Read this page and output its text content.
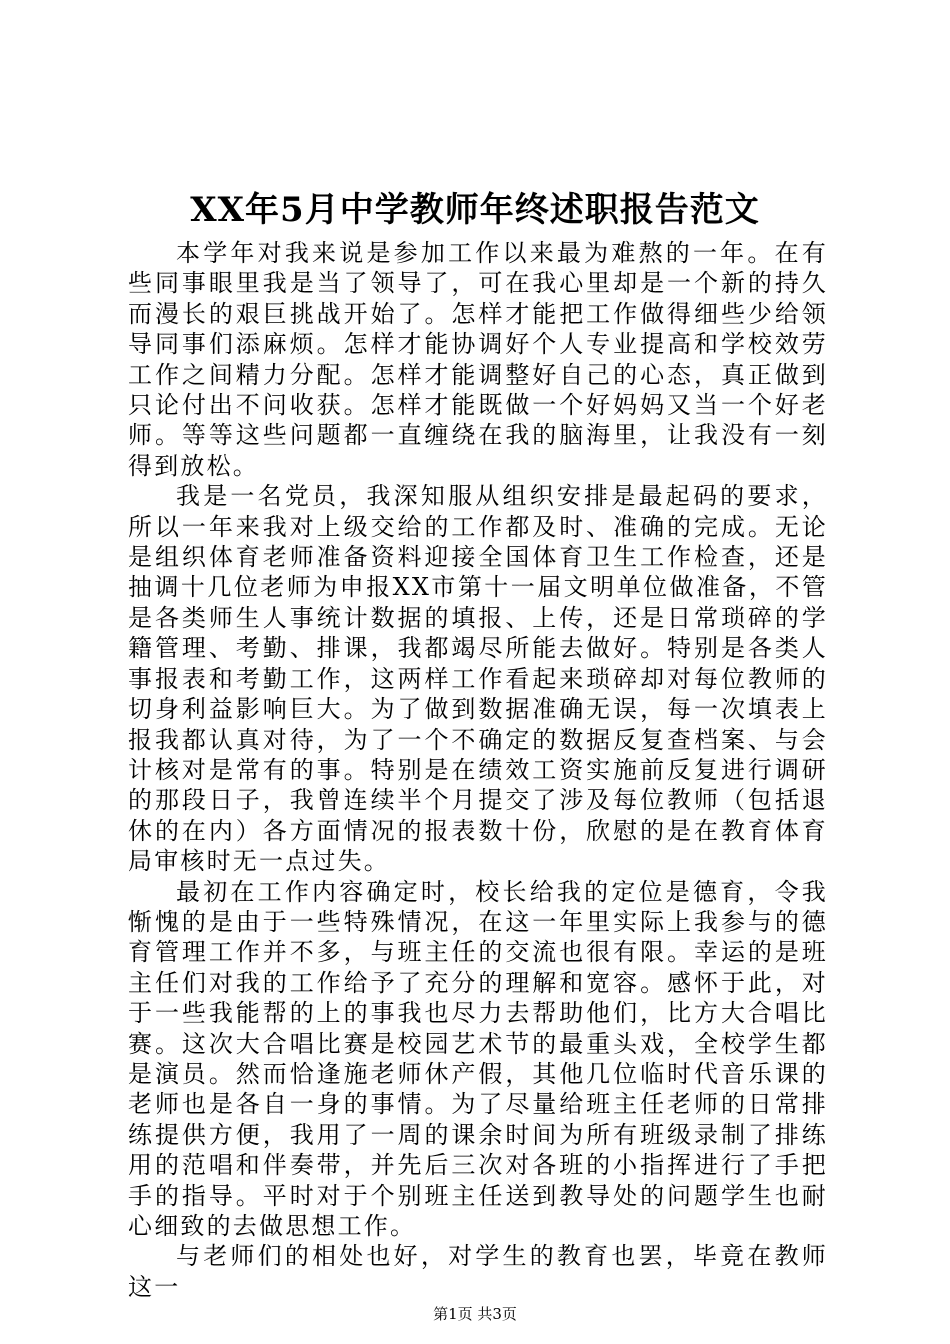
XX年5月中学教师年终述职报告范文

本学年对我来说是参加工作以来最为难熬的一年。在有些同事眼里我是当了领导了，可在我心里却是一个新的持久而漫长的艰巨挑战开始了。怎样才能把工作做得细些少给领导同事们添麻烦。怎样才能协调好个人专业提高和学校效劳工作之间精力分配。怎样才能调整好自己的心态，真正做到只论付出不问收获。怎样才能既做一个好妈妈又当一个好老师。等等这些问题都一直缠绕在我的脑海里，让我没有一刻得到放松。

我是一名党员，我深知服从组织安排是最起码的要求，所以一年来我对上级交给的工作都及时、准确的完成。无论是组织体育老师准备资料迎接全国体育卫生工作检查，还是抽调十几位老师为申报XX市第十一届文明单位做准备，不管是各类师生人事统计数据的填报、上传，还是日常琐碎的学籍管理、考勤、排课，我都竭尽所能去做好。特别是各类人事报表和考勤工作，这两样工作看起来琐碎却对每位教师的切身利益影响巨大。为了做到数据准确无误，每一次填表上报我都认真对待，为了一个不确定的数据反复查档案、与会计核对是常有的事。特别是在绩效工资实施前反复进行调研的那段日子，我曾连续半个月提交了涉及每位教师（包括退休的在内）各方面情况的报表数十份，欣慰的是在教育体育局审核时无一点过失。

最初在工作内容确定时，校长给我的定位是德育，令我惭愧的是由于一些特殊情况，在这一年里实际上我参与的德育管理工作并不多，与班主任的交流也很有限。幸运的是班主任们对我的工作给予了充分的理解和宽容。感怀于此，对于一些我能帮的上的事我也尽力去帮助他们，比方大合唱比赛。这次大合唱比赛是校园艺术节的最重头戏，全校学生都是演员。然而恰逢施老师休产假，其他几位临时代音乐课的老师也是各自一身的事情。为了尽量给班主任老师的日常排练提供方便，我用了一周的课余时间为所有班级录制了排练用的范唱和伴奏带，并先后三次对各班的小指挥进行了手把手的指导。平时对于个别班主任送到教导处的问题学生也耐心细致的去做思想工作。

与老师们的相处也好，对学生的教育也罢，毕竟在教师这一

第1页 共3页
